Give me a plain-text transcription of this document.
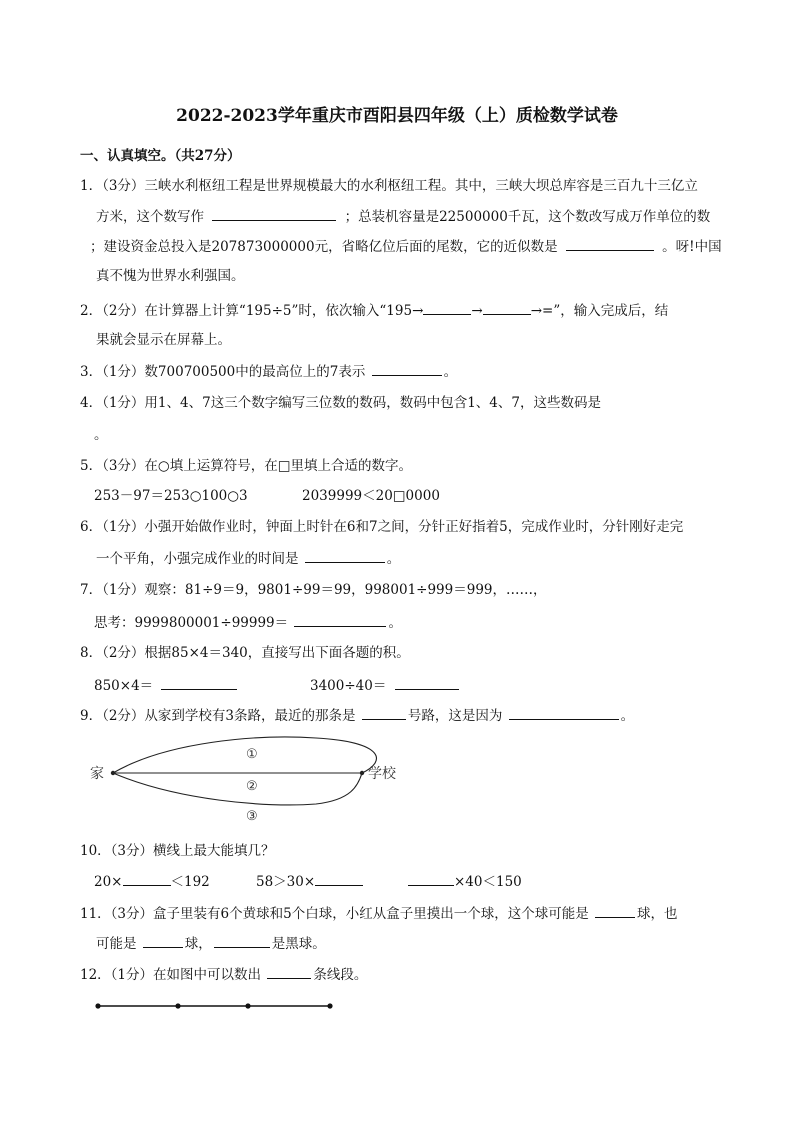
2022-2023学年重庆市酉阳县四年级（上）质检数学试卷
一、认真填空。（共27分）
1．（3分）三峡水利枢纽工程是世界规模最大的水利枢纽工程。其中，三峡大坝总库容是三百九十三亿立
方米，这个数写作	；总装机容量是22500000千瓦，这个数改写成万作单位的数
；建设资金总投入是207873000000元，省略亿位后面的尾数，它的近似数是	。呀!中国
真不愧为世界水利强国。
2．（2分）在计算器上计算“195÷5”时，依次输入“195→	→	→=”，输入完成后，结
果就会显示在屏幕上。
3．（1分）数700700500中的最高位上的7表示	。
4．（1分）用1、4、7这三个数字编写三位数的数码，数码中包含1、4、7，这些数码是
。
5．（3分）在○填上运算符号，在□里填上合适的数字。
253－97＝253○100○3	2039999＜20□0000
6．（1分）小强开始做作业时，钟面上时针在6和7之间，分针正好指着5，完成作业时，分针刚好走完
一个平角，小强完成作业的时间是	。
7．（1分）观察：81÷9＝9，9801÷99＝99，998001÷999＝999，……，
思考：9999800001÷99999＝	。
8．（2分）根据85×4＝340，直接写出下面各题的积。
850×4＝	3400÷40＝
9．（2分）从家到学校有3条路，最近的那条是	号路，这是因为	。
家	学校
①
②
③
10．（3分）横线上最大能填几？
20×	＜192	58＞30×	×40＜150
11．（3分）盒子里装有6个黄球和5个白球，小红从盒子里摸出一个球，这个球可能是	球，也
可能是	球，	是黑球。
12．（1分）在如图中可以数出	条线段。
